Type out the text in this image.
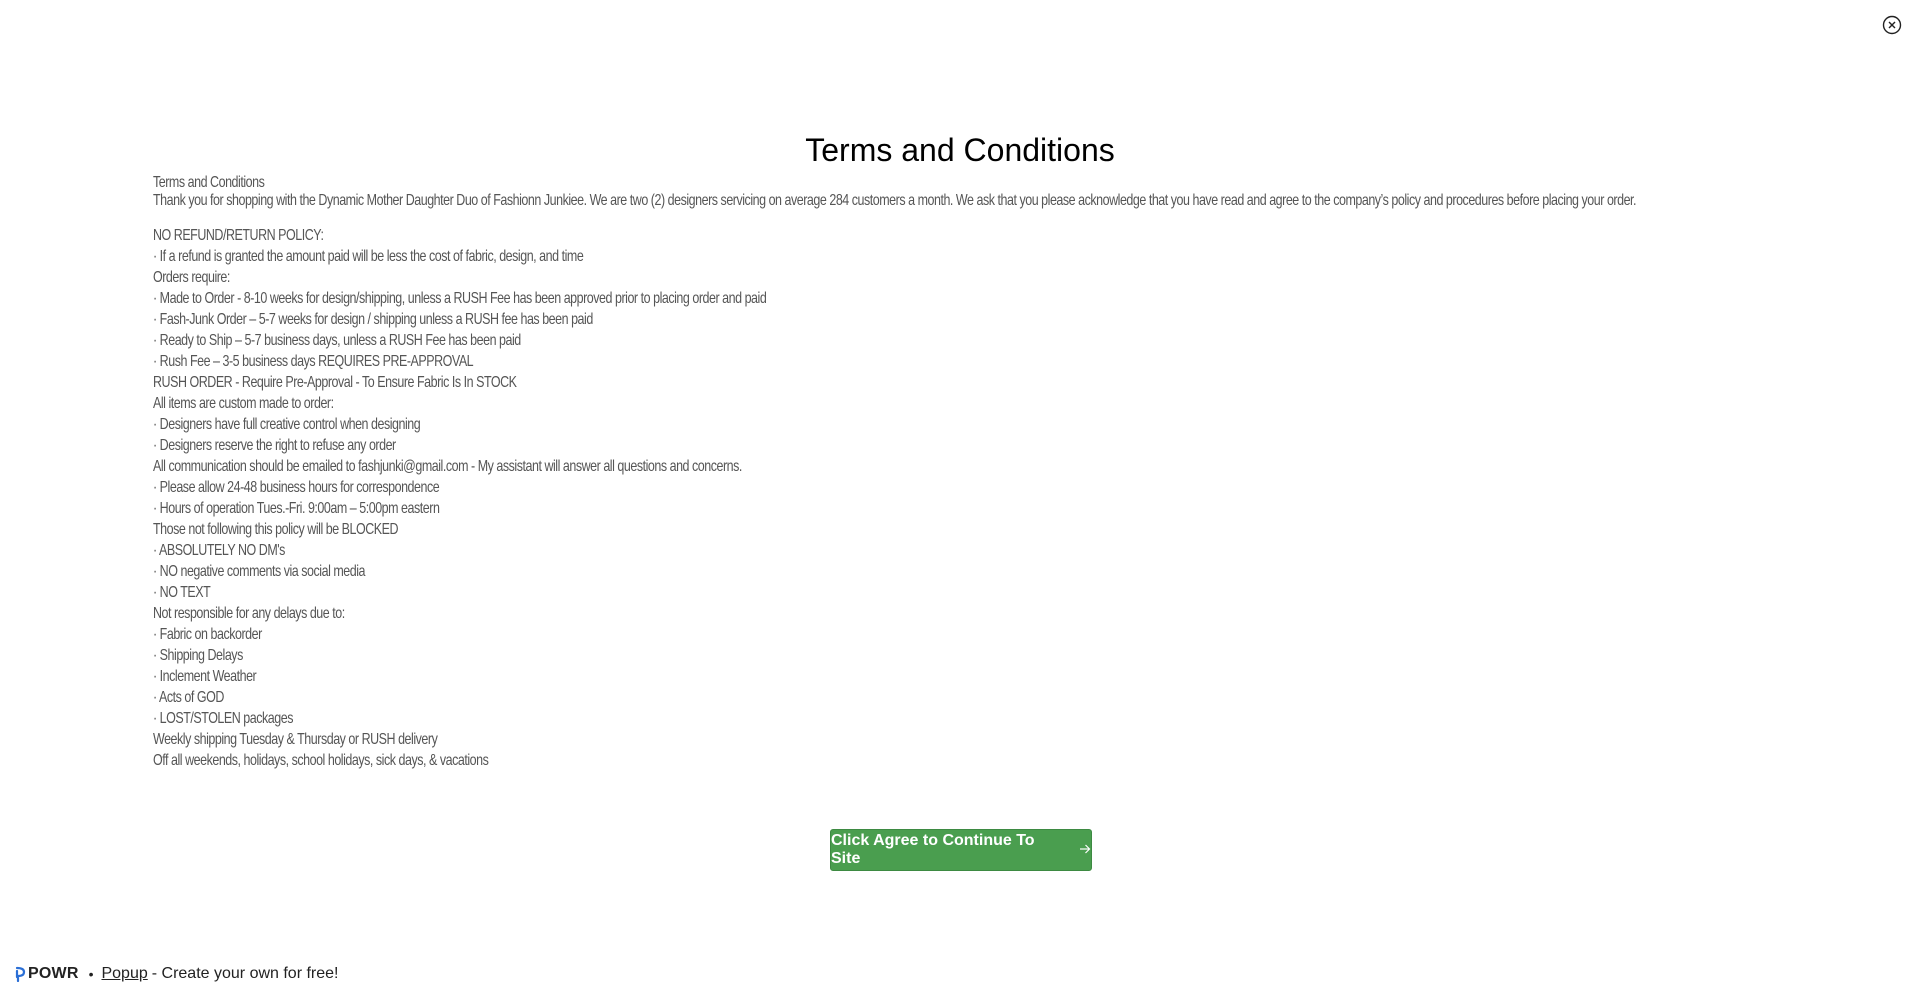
Terms and Conditions
Terms and Conditions
Thank you for shopping with the Dynamic Mother Daughter Duo of Fashionn Junkiee. We are two (2) designers servicing on average 284 customers a month. We ask that you please acknowledge that you have read and agree to the company’s policy and procedures before placing your order.
NO REFUND/RETURN POLICY:
· If a refund is granted the amount paid will be less the cost of fabric, design, and time
Orders require:
· Made to Order - 8-10 weeks for design/shipping, unless a RUSH Fee has been approved prior to placing order and paid
· Fash-Junk Order – 5-7 weeks for design / shipping unless a RUSH fee has been paid
· Ready to Ship – 5-7 business days, unless a RUSH Fee has been paid
· Rush Fee – 3-5 business days REQUIRES PRE-APPROVAL
RUSH ORDER - Require Pre-Approval - To Ensure Fabric Is In STOCK
All items are custom made to order:
· Designers have full creative control when designing
· Designers reserve the right to refuse any order
All communication should be emailed to fashjunki@gmail.com - My assistant will answer all questions and concerns.
· Please allow 24-48 business hours for correspondence
· Hours of operation Tues.-Fri. 9:00am – 5:00pm eastern
Those not following this policy will be BLOCKED
· ABSOLUTELY NO DM's
· NO negative comments via social media
· NO TEXT
Not responsible for any delays due to:
· Fabric on backorder
· Shipping Delays
· Inclement Weather
· Acts of GOD
· LOST/STOLEN packages
Weekly shipping Tuesday & Thursday or RUSH delivery
Off all weekends, holidays, school holidays, sick days, & vacations
Click Agree to Continue To Site
POWR • Popup - Create your own for free!
